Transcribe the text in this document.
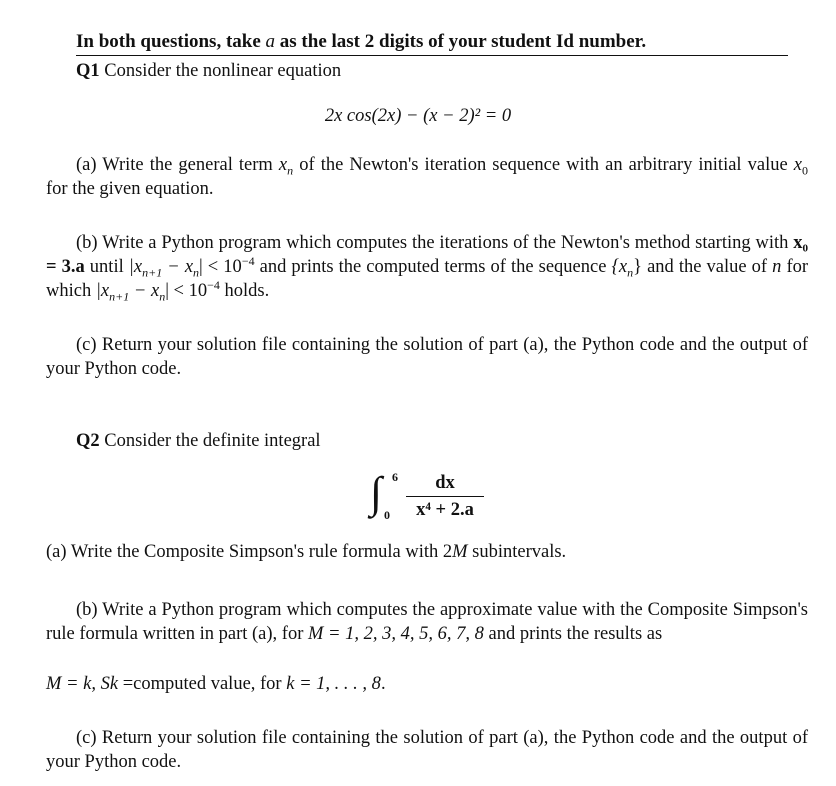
In both questions, take a as the last 2 digits of your student Id number.
Q1 Consider the nonlinear equation
2x cos(2x) − (x − 2)² = 0
(a) Write the general term $x_n$ of the Newton's iteration sequence with an arbitrary initial value $x_0$ for the given equation.
(b) Write a Python program which computes the iterations of the Newton's method starting with x₀ = 3.a until $|x_{n+1} - x_n| < 10^{-4}$ and prints the computed terms of the sequence $\{x_n\}$ and the value of n for which $|x_{n+1} - x_n| < 10^{-4}$ holds.
(c) Return your solution file containing the solution of part (a), the Python code and the output of your Python code.
Q2 Consider the definite integral
∫ 6
$0 \frac{dx}{\text{x⁴ + 2.a}}$
(a) Write the Composite Simpson's rule formula with 2M subintervals.
(b) Write a Python program which computes the approximate value with the Composite Simpson's rule formula written in part (a), for M = 1, 2, 3, 4, 5, 6, 7, 8 and prints the results as
M = k, Sk =computed value, for k = 1, . . . , 8.
(c) Return your solution file containing the solution of part (a), the Python code and the output of your Python code.
